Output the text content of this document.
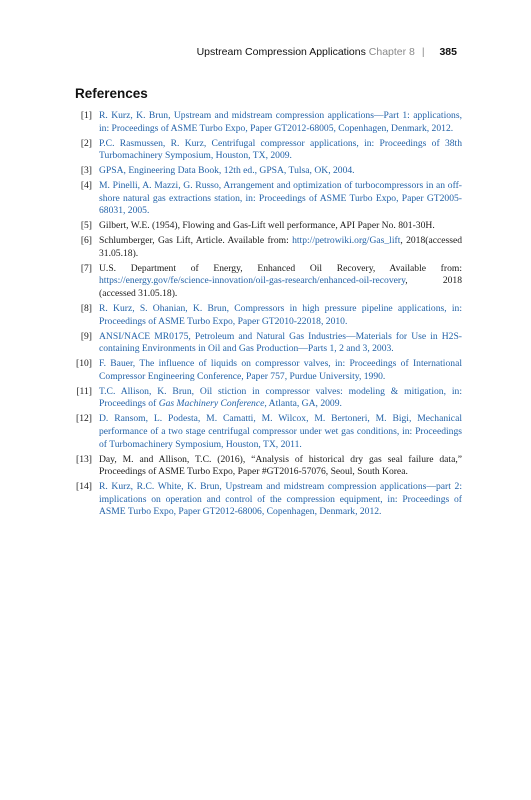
Upstream Compression Applications Chapter 8 | 385
References
[1] R. Kurz, K. Brun, Upstream and midstream compression applications—Part 1: applications, in: Proceedings of ASME Turbo Expo, Paper GT2012-68005, Copenhagen, Denmark, 2012.
[2] P.C. Rasmussen, R. Kurz, Centrifugal compressor applications, in: Proceedings of 38th Turbomachinery Symposium, Houston, TX, 2009.
[3] GPSA, Engineering Data Book, 12th ed., GPSA, Tulsa, OK, 2004.
[4] M. Pinelli, A. Mazzi, G. Russo, Arrangement and optimization of turbocompressors in an off-shore natural gas extractions station, in: Proceedings of ASME Turbo Expo, Paper GT2005-68031, 2005.
[5] Gilbert, W.E. (1954), Flowing and Gas-Lift well performance, API Paper No. 801-30H.
[6] Schlumberger, Gas Lift, Article. Available from: http://petrowiki.org/Gas_lift, 2018(accessed 31.05.18).
[7] U.S. Department of Energy, Enhanced Oil Recovery, Available from: https://energy.gov/fe/science-innovation/oil-gas-research/enhanced-oil-recovery, 2018 (accessed 31.05.18).
[8] R. Kurz, S. Ohanian, K. Brun, Compressors in high pressure pipeline applications, in: Proceedings of ASME Turbo Expo, Paper GT2010-22018, 2010.
[9] ANSI/NACE MR0175, Petroleum and Natural Gas Industries—Materials for Use in H2S-containing Environments in Oil and Gas Production—Parts 1, 2 and 3, 2003.
[10] F. Bauer, The influence of liquids on compressor valves, in: Proceedings of International Compressor Engineering Conference, Paper 757, Purdue University, 1990.
[11] T.C. Allison, K. Brun, Oil stiction in compressor valves: modeling & mitigation, in: Proceedings of Gas Machinery Conference, Atlanta, GA, 2009.
[12] D. Ransom, L. Podesta, M. Camatti, M. Wilcox, M. Bertoneri, M. Bigi, Mechanical performance of a two stage centrifugal compressor under wet gas conditions, in: Proceedings of Turbomachinery Symposium, Houston, TX, 2011.
[13] Day, M. and Allison, T.C. (2016), “Analysis of historical dry gas seal failure data,” Proceedings of ASME Turbo Expo, Paper #GT2016-57076, Seoul, South Korea.
[14] R. Kurz, R.C. White, K. Brun, Upstream and midstream compression applications—part 2: implications on operation and control of the compression equipment, in: Proceedings of ASME Turbo Expo, Paper GT2012-68006, Copenhagen, Denmark, 2012.
